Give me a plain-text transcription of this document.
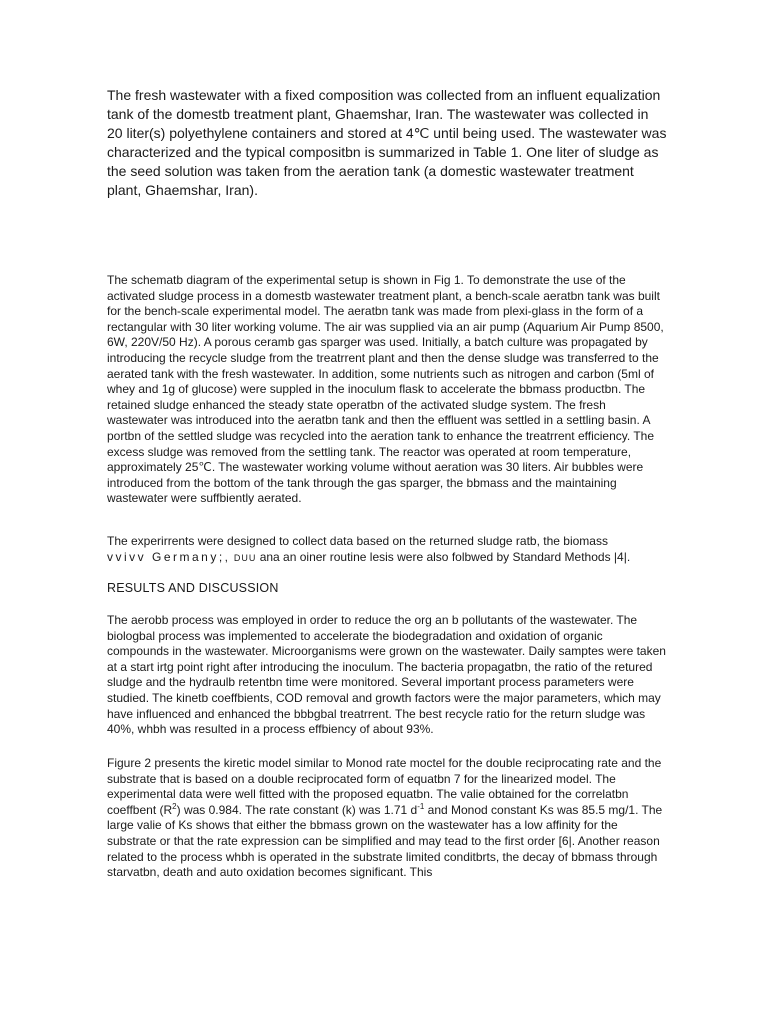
The fresh wastewater with a fixed composition was collected from an influent equalization tank of the domestb treatment plant, Ghaemshar, Iran. The wastewater was collected in 20 liter(s) polyethylene containers and stored at 4℃ until being used. The wastewater was characterized and the typical compositbn is summarized in Table 1. One liter of sludge as the seed solution was taken from the aeration tank (a domestic wastewater treatment plant, Ghaemshar, Iran).

The schematb diagram of the experimental setup is shown in Fig 1. To demonstrate the use of the activated sludge process in a domestb wastewater treatment plant, a bench-scale aeratbn tank was built for the bench-scale experimental model. The aeratbn tank was made from plexi-glass in the form of a rectangular with 30 liter working volume. The air was supplied via an air pump (Aquarium Air Pump 8500, 6W, 220V/50 Hz). A porous ceramb gas sparger was used. Initially, a batch culture was propagated by introducing the recycle sludge from the treatrrent plant and then the dense sludge was transferred to the aerated tank with the fresh wastewater. In addition, some nutrients such as nitrogen and carbon (5ml of whey and 1g of glucose) were suppled in the inoculum flask to accelerate the bbmass productbn. The retained sludge enhanced the steady state operatbn of the activated sludge system. The fresh wastewater was introduced into the aeratbn tank and then the effluent was settled in a settling basin. A portbn of the settled sludge was recycled into the aeration tank to enhance the treatrrent efficiency. The excess sludge was removed from the settling tank. The reactor was operated at room temperature, approximately 25℃. The wastewater working volume without aeration was 30 liters. Air bubbles were introduced from the bottom of the tank through the gas sparger, the bbmass and the maintaining wastewater were suffbiently aerated.

The experirrents were designed to collect data based on the returned sludge ratb, the biomass
vvivv Germany;, DUU ana an oiner routine lesis were also folbwed by Standard Methods |4|.

RESULTS AND DISCUSSION

The aerobb process was employed in order to reduce the org an b pollutants of the wastewater. The biologbal process was implemented to accelerate the biodegradation and oxidation of organic compounds in the wastewater. Microorganisms were grown on the wastewater. Daily samptes were taken at a start irtg point right after introducing the inoculum. The bacteria propagatbn, the ratio of the retured sludge and the hydraulb retentbn time were monitored. Several important process parameters were studied. The kinetb coeffbients, COD removal and growth factors were the major parameters, which may have influenced and enhanced the bbbgbal treatrrent. The best recycle ratio for the return sludge was 40%, whbh was resulted in a process effbiency of about 93%.

Figure 2 presents the kiretic model similar to Monod rate moctel for the double reciprocating rate and the substrate that is based on a double reciprocated form of equatbn 7 for the linearized model. The experimental data were well fitted with the proposed equatbn. The valie obtained for the correlatbn coeffbent $(R^2)$ was 0.984. The rate constant (k) was 1.71 $d^{-1}$ and Monod constant Ks was 85.5 mg/1. The large valie of Ks shows that either the bbmass grown on the wastewater has a low affinity for the substrate or that the rate expression can be simplified and may tead to the first order [6|. Another reason related to the process whbh is operated in the substrate limited conditbrts, the decay of bbmass through starvatbn, death and auto oxidation becomes significant. This
